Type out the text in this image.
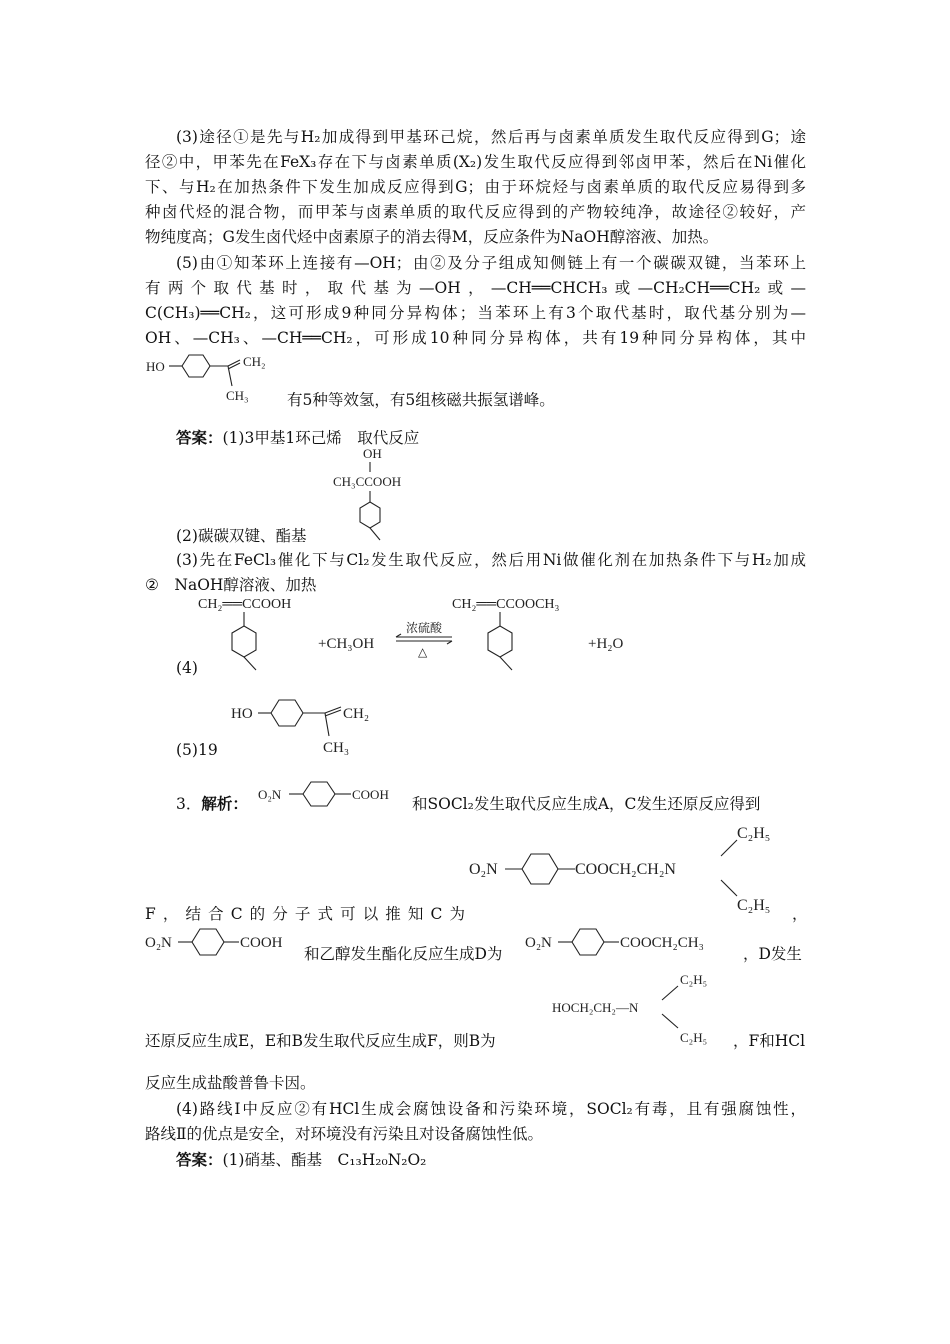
(3)途径①是先与H₂加成得到甲基环己烷，然后再与卤素单质发生取代反应得到G；途
径②中，甲苯先在FeX₃存在下与卤素单质(X₂)发生取代反应得到邻卤甲苯，然后在Ni催化
下、与H₂在加热条件下发生加成反应得到G；由于环烷烃与卤素单质的取代反应易得到多
种卤代烃的混合物，而甲苯与卤素单质的取代反应得到的产物较纯净，故途径②较好，产
物纯度高；G发生卤代烃中卤素原子的消去得M，反应条件为NaOH醇溶液、加热。
(5)由①知苯环上连接有—OH；由②及分子组成知侧链上有一个碳碳双键，当苯环上
有两个取代基时，取代基为—OH，—CH══CHCH₃或—CH₂CH══CH₂或—
C(CH₃)══CH₂，这可形成9种同分异构体；当苯环上有3个取代基时，取代基分别为—
OH、—CH₃、—CH══CH₂，可形成10种同分异构体，共有19种同分异构体，其中
HO	CH₂
CH₃ 有5种等效氢，有5组核磁共振氢谱峰。
答案：(1)3甲基1环己烯　取代反应
OH
CH₃CCOOH
(2)碳碳双键、酯基
(3)先在FeCl₃催化下与Cl₂发生取代反应，然后用Ni做催化剂在加热条件下与H₂加成
②　NaOH醇溶液、加热
CH₂══CCOOH
+CH₃OH
浓硫酸
△
CH₂══CCOOCH₃
+H₂O
(4)
HO	CH₂
CH₃
(5)19
3．解析： O₂N	COOH
和SOCl₂发生取代反应生成A，C发生还原反应得到
O₂N	COOCH₂CH₂N
C₂H₅
C₂H₅
F，结合C的分子式可以推知C为	，
O₂N	COOH
和乙醇发生酯化反应生成D为
O₂N	COOCH₂CH₃
，D发生
HOCH₂CH₂—N
C₂H₅
C₂H₅
还原反应生成E，E和B发生取代反应生成F，则B为	，F和HCl
反应生成盐酸普鲁卡因。
(4)路线Ⅰ中反应②有HCl生成会腐蚀设备和污染环境，SOCl₂有毒，且有强腐蚀性，
路线Ⅱ的优点是安全，对环境没有污染且对设备腐蚀性低。
答案：(1)硝基、酯基　C₁₃H₂₀N₂O₂
